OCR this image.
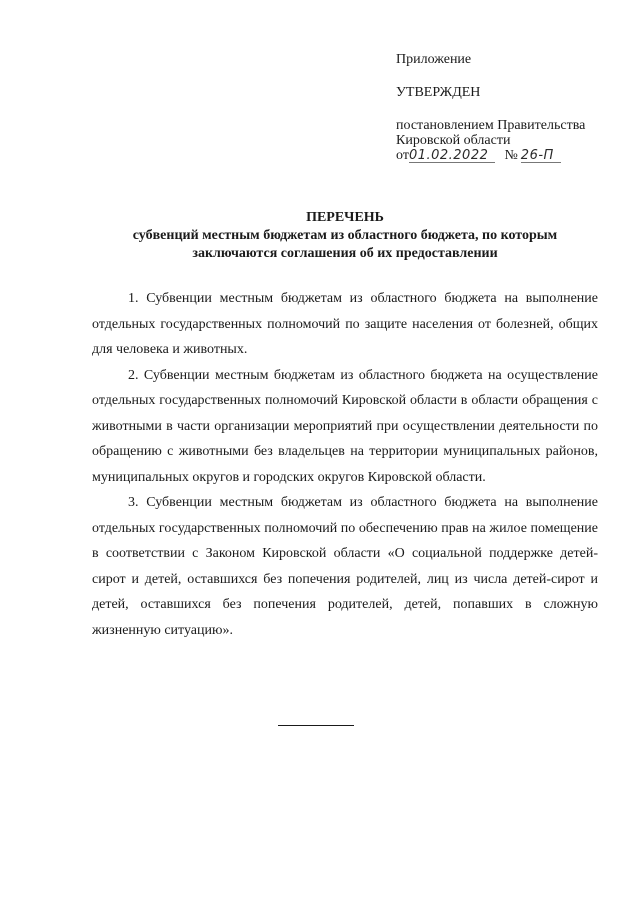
Приложение
УТВЕРЖДЕН
постановлением Правительства
Кировской области
от01.02.2022 № 26-П
ПЕРЕЧЕНЬ
субвенций местным бюджетам из областного бюджета, по которым
заключаются соглашения об их предоставлении

1. Субвенции местным бюджетам из областного бюджета на выполнение отдельных государственных полномочий по защите населения от болезней, общих для человека и животных.

2. Субвенции местным бюджетам из областного бюджета на осуществление отдельных государственных полномочий Кировской области в области обращения с животными в части организации мероприятий при осуществлении деятельности по обращению с животными без владельцев на территории муниципальных районов, муниципальных округов и городских округов Кировской области.

3. Субвенции местным бюджетам из областного бюджета на выполнение отдельных государственных полномочий по обеспечению прав на жилое помещение в соответствии с Законом Кировской области «О социальной поддержке детей-сирот и детей, оставшихся без попечения родителей, лиц из числа детей-сирот и детей, оставшихся без попечения родителей, детей, попавших в сложную жизненную ситуацию».
